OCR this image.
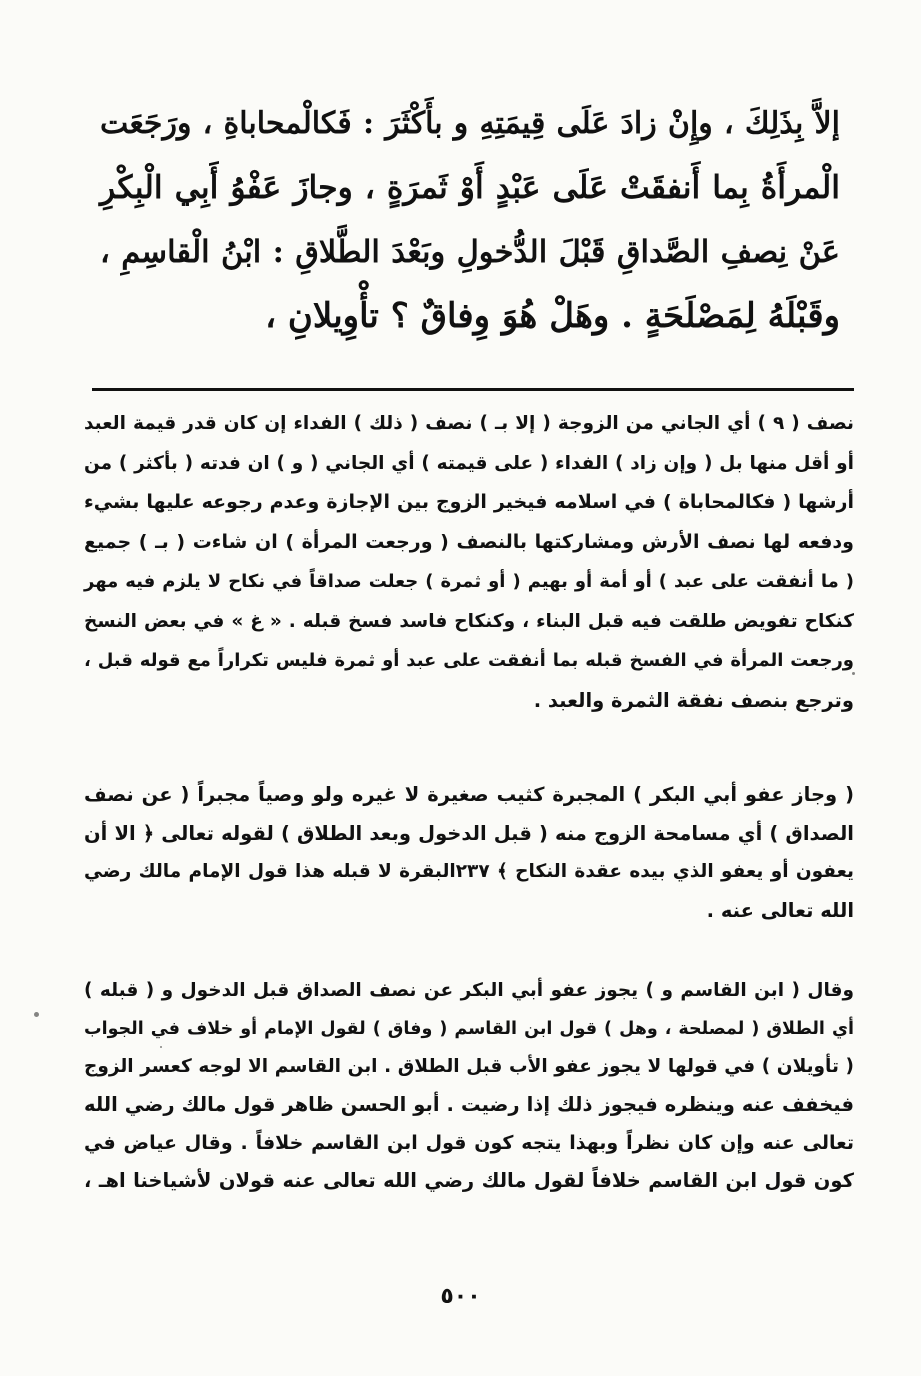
إلاَّ بِذَلِكَ ، وإِنْ زادَ عَلَى قِيمَتِهِ و بأَكْثَرَ : فَكالْمحاباةِ ، ورَجَعَت
الْمرأَةُ بِما أَنفقَتْ عَلَى عَبْدٍ أَوْ ثَمرَةٍ ، وجازَ عَفْوُ أَبِي الْبِكْرِ
عَنْ نِصفِ الصَّداقِ قَبْلَ الدُّخولِ وبَعْدَ الطَّلاقِ : ابْنُ الْقاسِمِ ،
وقَبْلَهُ لِمَصْلَحَةٍ . وهَلْ هُوَ وِفاقٌ ؟ تأْوِيلانِ ،
نصف ( ٩ ) أي الجاني من الزوجة ( إلا بـ ) نصف ( ذلك ) الفداء إن كان قدر قيمة العبد
أو أقل منها بل ( وإن زاد ) الفداء ( على قيمته ) أي الجاني ( و ) ان فدته ( بأكثر ) من
أرشها ( فكالمحاباة ) في اسلامه فيخير الزوج بين الإجازة وعدم رجوعه عليها بشيء
ودفعه لها نصف الأرش ومشاركتها بالنصف ( ورجعت المرأة ) ان شاءت ( بـ ) جميع
( ما أنفقت على عبد ) أو أمة أو بهيم ( أو ثمرة ) جعلت صداقاً في نكاح لا يلزم فيه مهر
كنكاح تفويض طلقت فيه قبل البناء ، وكنكاح فاسد فسخ قبله . « غ » في بعض النسخ
ورجعت المرأة في الفسخ قبله بما أنفقت على عبد أو ثمرة فليس تكراراً مع قوله قبل ،
وترجع بنصف نفقة الثمرة والعبد .
( وجاز عفو أبي البكر ) المجبرة كثيب صغيرة لا غيره ولو وصياً مجبراً ( عن نصف
الصداق ) أي مسامحة الزوج منه ( قبل الدخول وبعد الطلاق ) لقوله تعالى ﴿ الا أن
يعفون أو يعفو الذي بيده عقدة النكاح ﴾ ٢٣٧البقرة لا قبله هذا قول الإمام مالك رضي
الله تعالى عنه .
وقال ( ابن القاسم و ) يجوز عفو أبي البكر عن نصف الصداق قبل الدخول و ( قبله )
أي الطلاق ( لمصلحة ، وهل ) قول ابن القاسم ( وفاق ) لقول الإمام أو خلاف في الجواب
( تأويلان ) في قولها لا يجوز عفو الأب قبل الطلاق . ابن القاسم الا لوجه كعسر الزوج
فيخفف عنه وينظره فيجوز ذلك إذا رضيت . أبو الحسن ظاهر قول مالك رضي الله
تعالى عنه وإن كان نظراً وبهذا يتجه كون قول ابن القاسم خلافاً . وقال عياض في
كون قول ابن القاسم خلافاً لقول مالك رضي الله تعالى عنه قولان لأشياخنا اهـ ،
٥٠٠
